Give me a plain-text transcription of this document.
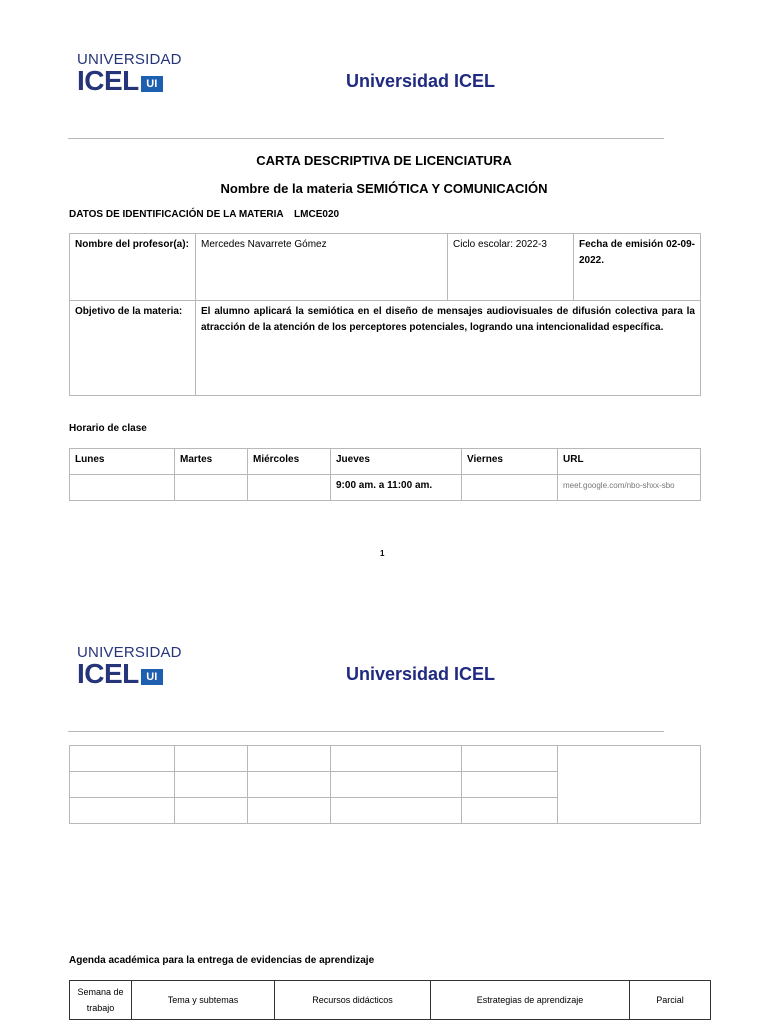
UNIVERSIDAD
ICEL UI	Universidad ICEL
CARTA DESCRIPTIVA DE LICENCIATURA
Nombre de la materia SEMIÓTICA Y COMUNICACIÓN
DATOS DE IDENTIFICACIÓN DE LA MATERIA LMCE020
Nombre del profesor(a):	Mercedes Navarrete Gómez	Ciclo escolar: 2022-3	Fecha de emisión 02-09-2022.
Objetivo de la materia:	El alumno aplicará la semiótica en el diseño de mensajes audiovisuales de difusión colectiva para la atracción de la atención de los perceptores potenciales, logrando una intencionalidad específica.		
Horario de clase
Lunes	Martes	Miércoles	Jueves	Viernes	URL
			9:00 am. a 11:00 am.		meet.google.com/nbo-shxx-sbo
1
UNIVERSIDAD
ICEL UI	Universidad ICEL

Agenda académica para la entrega de evidencias de aprendizaje
Semana de trabajo	Tema y subtemas	Recursos didácticos	Estrategias de aprendizaje	Parcial
